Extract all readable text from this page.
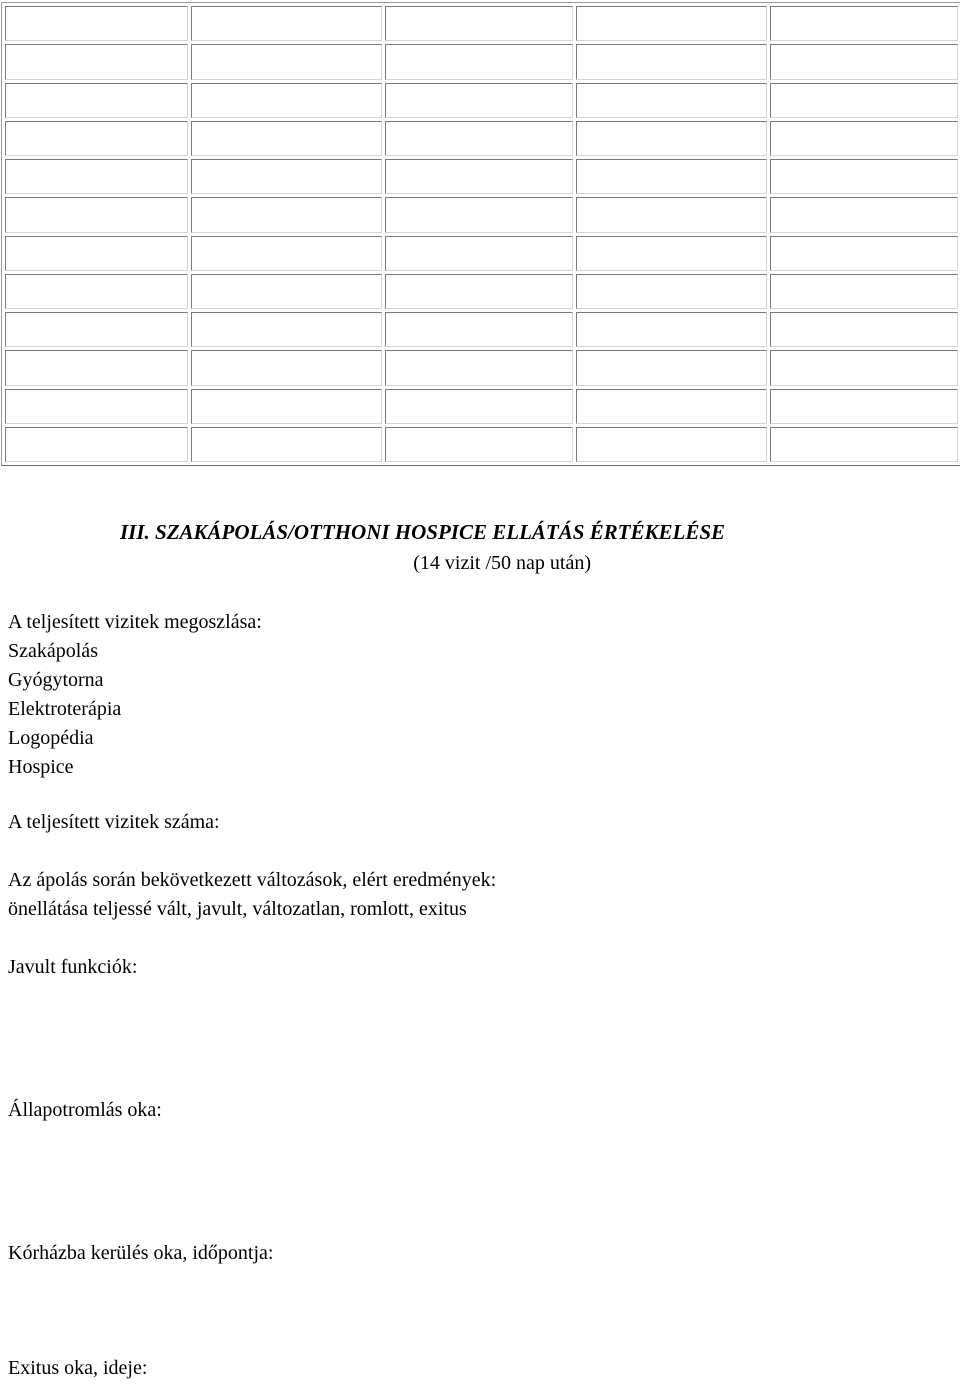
III. SZAKÁPOLÁS/OTTHONI HOSPICE ELLÁTÁS ÉRTÉKELÉSE
(14 vizit /50 nap után)
A teljesített vizitek megoszlása:
Szakápolás
Gyógytorna
Elektroterápia
Logopédia
Hospice
A teljesített vizitek száma:
Az ápolás során bekövetkezett változások, elért eredmények:
önellátása teljessé vált, javult, változatlan, romlott, exitus
Javult funkciók:
Állapotromlás oka:
Kórházba kerülés oka, időpontja:
Exitus oka, ideje:
